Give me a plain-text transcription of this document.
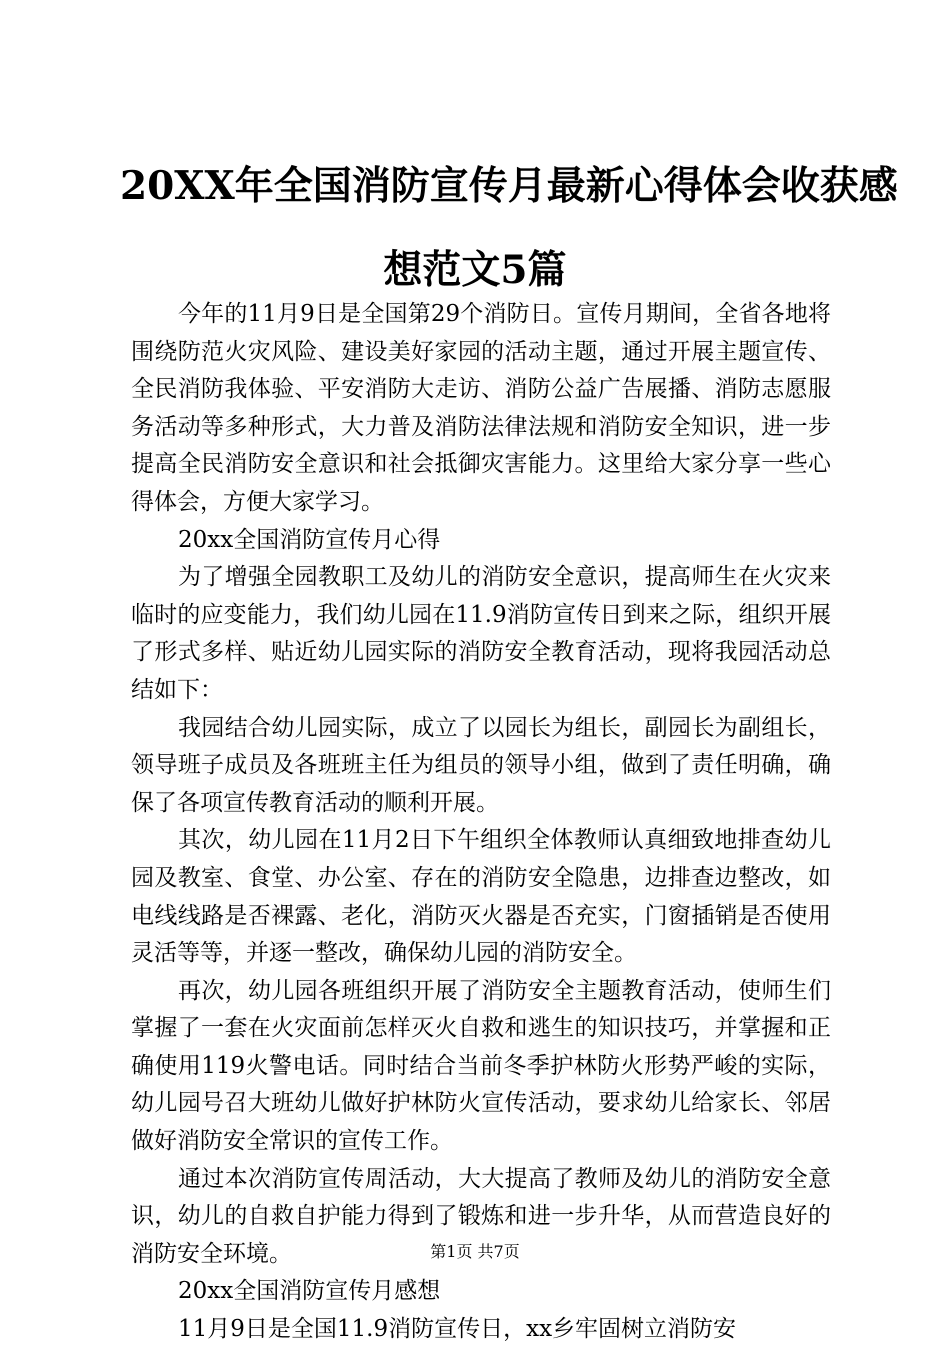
20XX年全国消防宣传月最新心得体会收获感
想范文5篇

今年的11月9日是全国第29个消防日。宣传月期间，全省各地将围绕防范火灾风险、建设美好家园的活动主题，通过开展主题宣传、全民消防我体验、平安消防大走访、消防公益广告展播、消防志愿服务活动等多种形式，大力普及消防法律法规和消防安全知识，进一步提高全民消防安全意识和社会抵御灾害能力。这里给大家分享一些心得体会，方便大家学习。

20xx全国消防宣传月心得

为了增强全园教职工及幼儿的消防安全意识，提高师生在火灾来临时的应变能力，我们幼儿园在11.9消防宣传日到来之际，组织开展了形式多样、贴近幼儿园实际的消防安全教育活动，现将我园活动总结如下：

我园结合幼儿园实际，成立了以园长为组长，副园长为副组长，领导班子成员及各班班主任为组员的领导小组，做到了责任明确，确保了各项宣传教育活动的顺利开展。

其次，幼儿园在11月2日下午组织全体教师认真细致地排查幼儿园及教室、食堂、办公室、存在的消防安全隐患，边排查边整改，如电线线路是否裸露、老化，消防灭火器是否充实，门窗插销是否使用灵活等等，并逐一整改，确保幼儿园的消防安全。

再次，幼儿园各班组织开展了消防安全主题教育活动，使师生们掌握了一套在火灾面前怎样灭火自救和逃生的知识技巧，并掌握和正确使用119火警电话。同时结合当前冬季护林防火形势严峻的实际，幼儿园号召大班幼儿做好护林防火宣传活动，要求幼儿给家长、邻居做好消防安全常识的宣传工作。

通过本次消防宣传周活动，大大提高了教师及幼儿的消防安全意识，幼儿的自救自护能力得到了锻炼和进一步升华，从而营造良好的消防安全环境。

20xx全国消防宣传月感想

11月9日是全国11.9消防宣传日，xx乡牢固树立消防安

第1页 共7页
